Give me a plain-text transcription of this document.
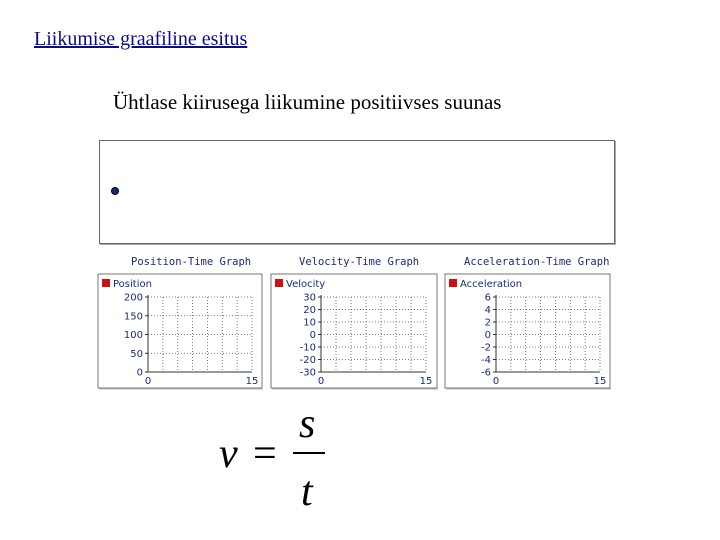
Liikumise graafiline esitus
Ühtlase kiirusega liikumine positiivses suunas
Position-Time Graph	Velocity-Time Graph	Acceleration-Time Graph
Position
200
150
100
50
0
0	15
Velocity
30
20
10
0
-10
-20
-30
0	15
Acceleration
6
4
2
0
-2
-4
-6
0	15
v =
s
t
